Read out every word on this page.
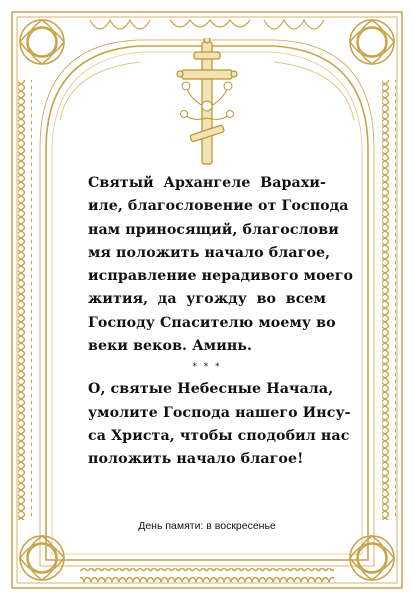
Святый Архангеле Варахи-
иле, благословение от Господа
нам приносящий, благослови
мя положить начало благое,
исправление нерадивого моего
жития, да угожду во всем
Господу Спасителю моему во
веки веков. Аминь.

* * *

О, святые Небесные Начала,
умолите Господа нашего Инсу-
са Христа, чтобы сподобил нас
положить начало благое!

День памяти: в воскресенье
